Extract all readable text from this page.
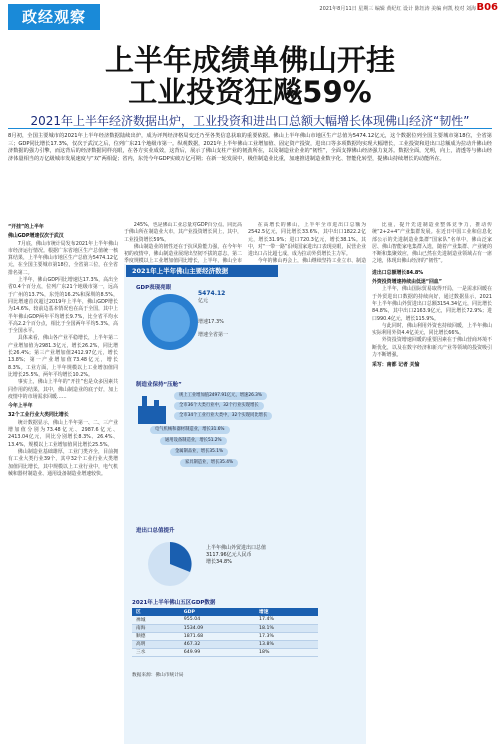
政经观察	2021年8月11日 星期三 编辑 黄纪红 设计 陈钰涛 美编 何凯 校对 刘海 B06
上半年成绩单佛山开挂
工业投资狂飚59%
2021年上半年经济数据出炉，工业投资和进出口总额大幅增长体现佛山经济“韧性”
8月初，全国主要城市的2021年上半年经济数据陆续出炉，成为评判经济格局变迁乃至各类信息获取的重要依据。佛山上半年佛山市地区生产总值为5474.12亿元，这个数据位列全国主要城市第18位，全省第三；GDP同比增长17.3%，仅次于武汉之后，位列广东21个地级市第一。纵观数据，2021年上半年佛山工业增加值、固定资产投资，进出口等多项数据均实现大幅增长，工业投资和进出口总额成为拉动升佛山经济数据的强力引擎，而这背后的经济数据同样亮眼，在各方实业成效，这背后，展示了佛山支柱产业的韧劲所在，以及制造业企业的“韧性”，全面支撑佛山经济强力复苏。数据全面，光明，向上，清透等与佛山经济体量相当的万亿级城市发展速度与“双”两相促；省内，东莞今年GDP实破万亿可期；在新一轮发展中，极佳制造业比重，加速推进制造业数字化、智能化转型，提佛山持续增长的动能所在。

“开挂”的上半年

佛山GDP增速仅次于武汉

7月底，佛山市统计局发布2021年上半年佛山市经济运行情况。根据广东省地区生产总值统一核算结果，上半年佛山市地区生产总值为5474.12亿元，在全国主要城市第18位，全省第三位，在全省排名第二。

上半年，佛山GDP同比增速达17.3%，高出全省0.4个百分点，位列广东21个地级市第一，远高于广州的13.7%，东莞的16.2%和深圳的8.5%，同比增速首次超过2019年上半年，佛山GDP增长为14.6%，较前边基本情况也在高于全国，其中上半年佛山GDP两年平均增长9.7%，比全省平均水平高2.2个百分点，相比于全国两年平均5.3%，高于全国水平。

具体来看，佛山各产业平稳增长，上半年第二产业增加值为2981.3亿元，增长26.2%，同比增长26.4%；第三产业增加值2412.97亿元，增长13.8%；第一产业增加值73.48亿元，增长8.3%。工业方面，上半年规模以上工业增加值同比增长25.5%，两年平均增长10.2%。

事实上，佛山上半年的“开挂”也是众多因素共同作用的结果，其中，佛山制造业的底子好，加上疫情中的市场需求回暖……

今年上半年

32个工业行业大类同比增长

统计数据显示，佛山上半年第一、二、三产业增加值分别为73.48亿元、2987.6亿元、2413.04亿元，同比分别增长8.3%、26.4%、13.4%，规模以上工业增加值同比增长25.5%。

佛山制造业基础雄厚，工业门类齐全，目前拥有工业大类行业39个，其中32个工业行业大类增加值同比增长，其中规模以上工业行业中，电气机械和器材制造业、通用设备制造业增速较快。

245%，也是佛山工业总量对GDP百分点。同比高于佛山所在制造业大市，其产业投资增长同上，其中，工业投资增长59%。

佛山制造业的韧性还在于抗风险能力强，在今年年初的疫情中，佛山制造业展现出坚韧不拔的意志，第二季度规模以上工业增加值同比增长，上半年，佛山全市

在高增长的佛山，上半年全市进出口总额为2542.5亿元，同比增长33.6%，其中出口1822.2亿元，增长31.9%；进口720.3亿元，增长38.1%。其中，对“一带一路”沿线国家进出口表现亮眼，民营企业进出口占比超七成，成为拉动外贸增长主力军。

今年的佛山再会上，佛山继续坚持工业立市、制造

比重，提升先进制造业整体竞争力，推动传统“2+2+4”产业集群发展。在近日中国工业和信息化部公示的先进制造业集群“国家队”名单中，佛山泛家居、佛山智能家电集群入选，随着产业集群、产业链的不断和集聚效应，佛山已然在先进制造业领域占有一席之地，体现出佛山经济的“韧性”。

进出口总额增长84.8%

外资投资增速持续由低迷“回血”

上半年，佛山国际贸易取得开局，一是需求回暖在于外贸进出口数据的持续向好，通过数据显示，2021年上半年佛山外贸进出口总额3154.34亿元，同比增长84.8%，其中出口2163.9亿元，同比增长72.9%；进口990.4亿元，增长115.9%。

与此同时，佛山利用外资也持续回暖，上半年佛山实际利用外资4.4亿美元，同比增长66%。

外资投资增速回暖的重要因素在于佛山营商环境不断优化，以及在数字经济和新兴产业等领域的投资吸引力不断增强。

采写：南都 记者 关愉

2021年上半年佛山主要经济数据
GDP表现亮眼
5474.12
亿元
增速17.3%
增速全省第一
制造业保持“压舱”
规上工业增加值2497.91亿元，增速26.3%
全市36个大类行业中，32个行业实现增长
全市34个工业行业大类中，32个实现同比增长
电气机械和器材制造业，增长31.6%
通用设备制造业，增长51.2%
金属制品业，增长35.1%
家具制造业，增长35.4%
进出口总值提升
上半年佛山外贸进出口总值
3117.96亿元人民币
增长34.8%
2021年上半年佛山五区GDP数据
区	GDP	增速
禅城	955.04	17.4%
南海	1534.09	18.1%
顺德	1871.68	17.3%
高明	467.32	13.8%
三水	649.99	18%
数据来源：佛山市统计局
